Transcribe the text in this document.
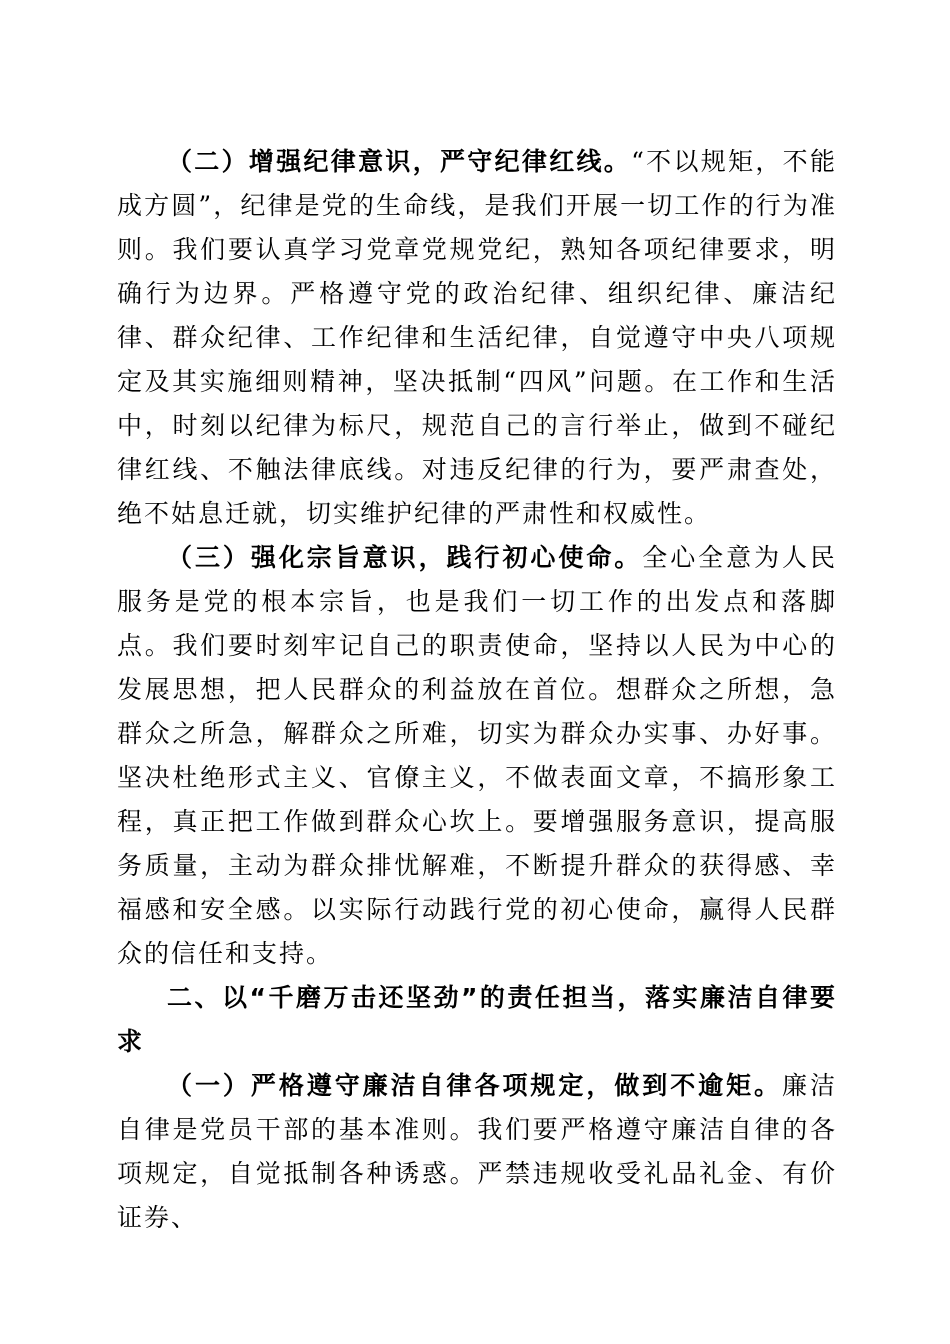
（二）增强纪律意识，严守纪律红线。“不以规矩，不能成方圆”，纪律是党的生命线，是我们开展一切工作的行为准则。我们要认真学习党章党规党纪，熟知各项纪律要求，明确行为边界。严格遵守党的政治纪律、组织纪律、廉洁纪律、群众纪律、工作纪律和生活纪律，自觉遵守中央八项规定及其实施细则精神，坚决抵制“四风”问题。在工作和生活中，时刻以纪律为标尺，规范自己的言行举止，做到不碰纪律红线、不触法律底线。对违反纪律的行为，要严肃查处，绝不姑息迁就，切实维护纪律的严肃性和权威性。

（三）强化宗旨意识，践行初心使命。全心全意为人民服务是党的根本宗旨，也是我们一切工作的出发点和落脚点。我们要时刻牢记自己的职责使命，坚持以人民为中心的发展思想，把人民群众的利益放在首位。想群众之所想，急群众之所急，解群众之所难，切实为群众办实事、办好事。坚决杜绝形式主义、官僚主义，不做表面文章，不搞形象工程，真正把工作做到群众心坎上。要增强服务意识，提高服务质量，主动为群众排忧解难，不断提升群众的获得感、幸福感和安全感。以实际行动践行党的初心使命，赢得人民群众的信任和支持。

二、以“千磨万击还坚劲”的责任担当，落实廉洁自律要求

（一）严格遵守廉洁自律各项规定，做到不逾矩。廉洁自律是党员干部的基本准则。我们要严格遵守廉洁自律的各项规定，自觉抵制各种诱惑。严禁违规收受礼品礼金、有价证券、
